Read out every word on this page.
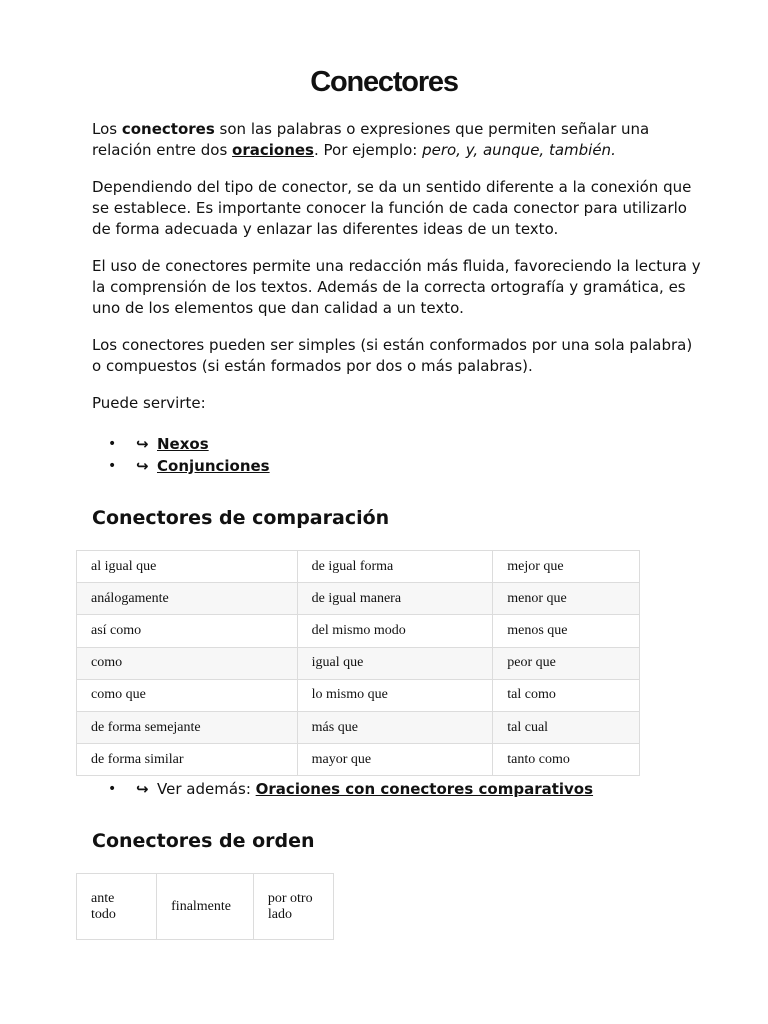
Conectores

Los conectores son las palabras o expresiones que permiten señalar una relación entre dos oraciones. Por ejemplo: pero, y, aunque, también.

Dependiendo del tipo de conector, se da un sentido diferente a la conexión que se establece. Es importante conocer la función de cada conector para utilizarlo de forma adecuada y enlazar las diferentes ideas de un texto.

El uso de conectores permite una redacción más fluida, favoreciendo la lectura y la comprensión de los textos. Además de la correcta ortografía y gramática, es uno de los elementos que dan calidad a un texto.

Los conectores pueden ser simples (si están conformados por una sola palabra) o compuestos (si están formados por dos o más palabras).

Puede servirte:

• ↪ Nexos
• ↪ Conjunciones
Conectores de comparación
al igual que	de igual forma	mejor que
análogamente	de igual manera	menor que
así como	del mismo modo	menos que
como	igual que	peor que
como que	lo mismo que	tal como
de forma semejante	más que	tal cual
de forma similar	mayor que	tanto como
• ↪ Ver además: Oraciones con conectores comparativos
Conectores de orden
ante todo	finalmente	por otro lado
